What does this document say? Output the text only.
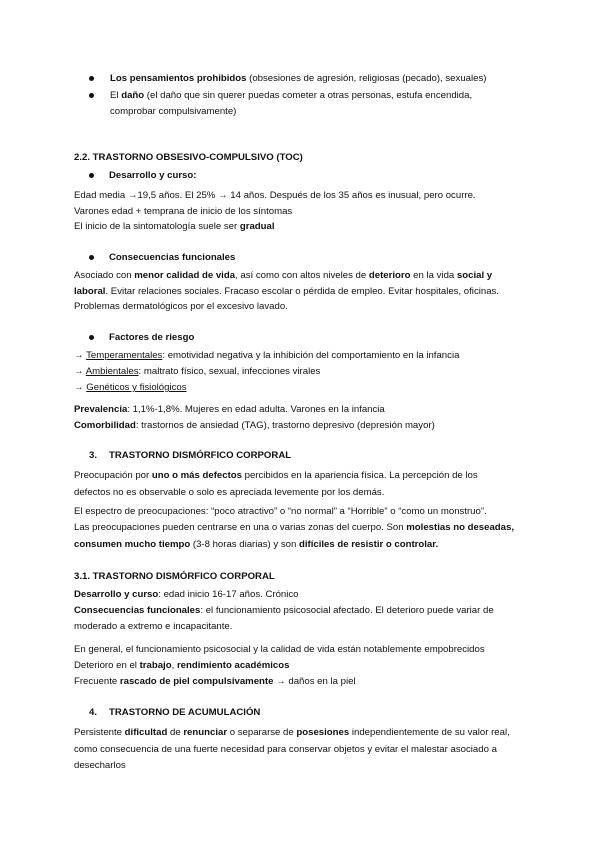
Los pensamientos prohibidos (obsesiones de agresión, religiosas (pecado), sexuales)
El daño (el daño que sin querer puedas cometer a otras personas, estufa encendida,
comprobar compulsivamente)
2.2. TRASTORNO OBSESIVO-COMPULSIVO (TOC)
Desarrollo y curso:
Edad media →19,5 años. El 25% → 14 años. Después de los 35 años es inusual, pero ocurre.
Varones edad + temprana de inicio de los síntomas
El inicio de la sintomatología suele ser gradual
Consecuencias funcionales
Asociado con menor calidad de vida, así como con altos niveles de deterioro en la vida social y
laboral. Evitar relaciones sociales. Fracaso escolar o pérdida de empleo. Evitar hospitales, oficinas.
Problemas dermatológicos por el excesivo lavado.
Factores de riesgo
→ Temperamentales: emotividad negativa y la inhibición del comportamiento en la infancia
→ Ambientales: maltrato físico, sexual, infecciones virales
→ Genéticos y fisiológicos
Prevalencia: 1,1%-1,8%. Mujeres en edad adulta. Varones en la infancia
Comorbilidad: trastornos de ansiedad (TAG), trastorno depresivo (depresión mayor)
3. TRASTORNO DISMÓRFICO CORPORAL
Preocupación por uno o más defectos percibidos en la apariencia física. La percepción de los
defectos no es observable o solo es apreciada levemente por los demás.
El espectro de preocupaciones: “poco atractivo” o “no normal” a “Horrible” o “como un monstruo”.
Las preocupaciones pueden centrarse en una o varias zonas del cuerpo. Son molestias no deseadas,
consumen mucho tiempo (3-8 horas diarias) y son difíciles de resistir o controlar.
3.1. TRASTORNO DISMÓRFICO CORPORAL
Desarrollo y curso: edad inicio 16-17 años. Crónico
Consecuencias funcionales: el funcionamiento psicosocial afectado. El deterioro puede variar de
moderado a extremo e incapacitante.
En general, el funcionamiento psicosocial y la calidad de vida están notablemente empobrecidos
Deterioro en el trabajo, rendimiento académicos
Frecuente rascado de piel compulsivamente → daños en la piel
4. TRASTORNO DE ACUMULACIÓN
Persistente dificultad de renunciar o separarse de posesiones independientemente de su valor real,
como consecuencia de una fuerte necesidad para conservar objetos y evitar el malestar asociado a
desecharlos
